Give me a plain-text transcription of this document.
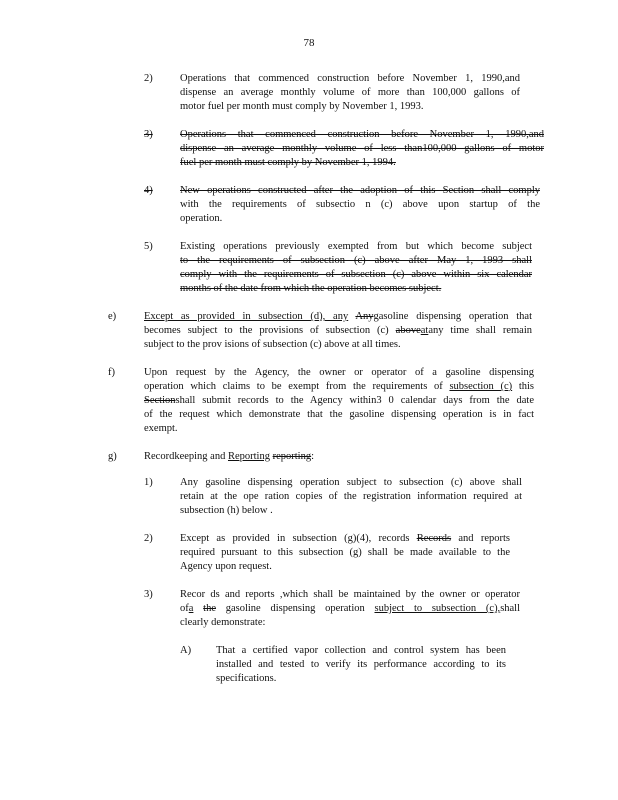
78
2)	Operations that commenced construction before November 1, 1990,and
dispense an average monthly volume of more than 100,000 gallons of
motor fuel per month must comply by November 1, 1993.
3)	Operations that commenced construction before November 1, 1990,and
dispense an average monthly volume of less than100,000 gallons of motor
fuel per month must comply by November 1, 1994.
4)	New operations constructed after the adoption of this Section shall comply
with the requirements of subsectio n (c) above upon startup of the
operation.
5)	Existing operations previously exempted from but which become subject
to the requirements of subsection (c) above after May 1, 1993 shall
comply with the requirements of subsection (c) above within six calendar
months of the date from which the operation becomes subject.
e)	Except as provided in subsection (d), any Anygasoline dispensing operation that
becomes subject to the provisions of subsection (c) aboveatany time shall remain
subject to the prov isions of subsection (c) above at all times.
f)	Upon request by the Agency, the owner or operator of a gasoline dispensing
operation which claims to be exempt from the requirements of subsection (c) this
Sectionshall submit records to the Agency within3 0 calendar days from the date
of the request which demonstrate that the gasoline dispensing operation is in fact
exempt.
g)	Recordkeeping and Reporting reporting:
1)	Any gasoline dispensing operation subject to subsection (c) above shall
retain at the ope ration copies of the registration information required at
subsection (h) below .
2)	Except as provided in subsection (g)(4), records Records and reports
required pursuant to this subsection (g) shall be made available to the
Agency upon request.
3)	Recor ds and reports ,which shall be maintained by the owner or operator
ofa the gasoline dispensing operation subject to subsection (c),shall
clearly demonstrate:
A) That a certified vapor collection and control system has been
installed and tested to verify its performance according to its
specifications.
